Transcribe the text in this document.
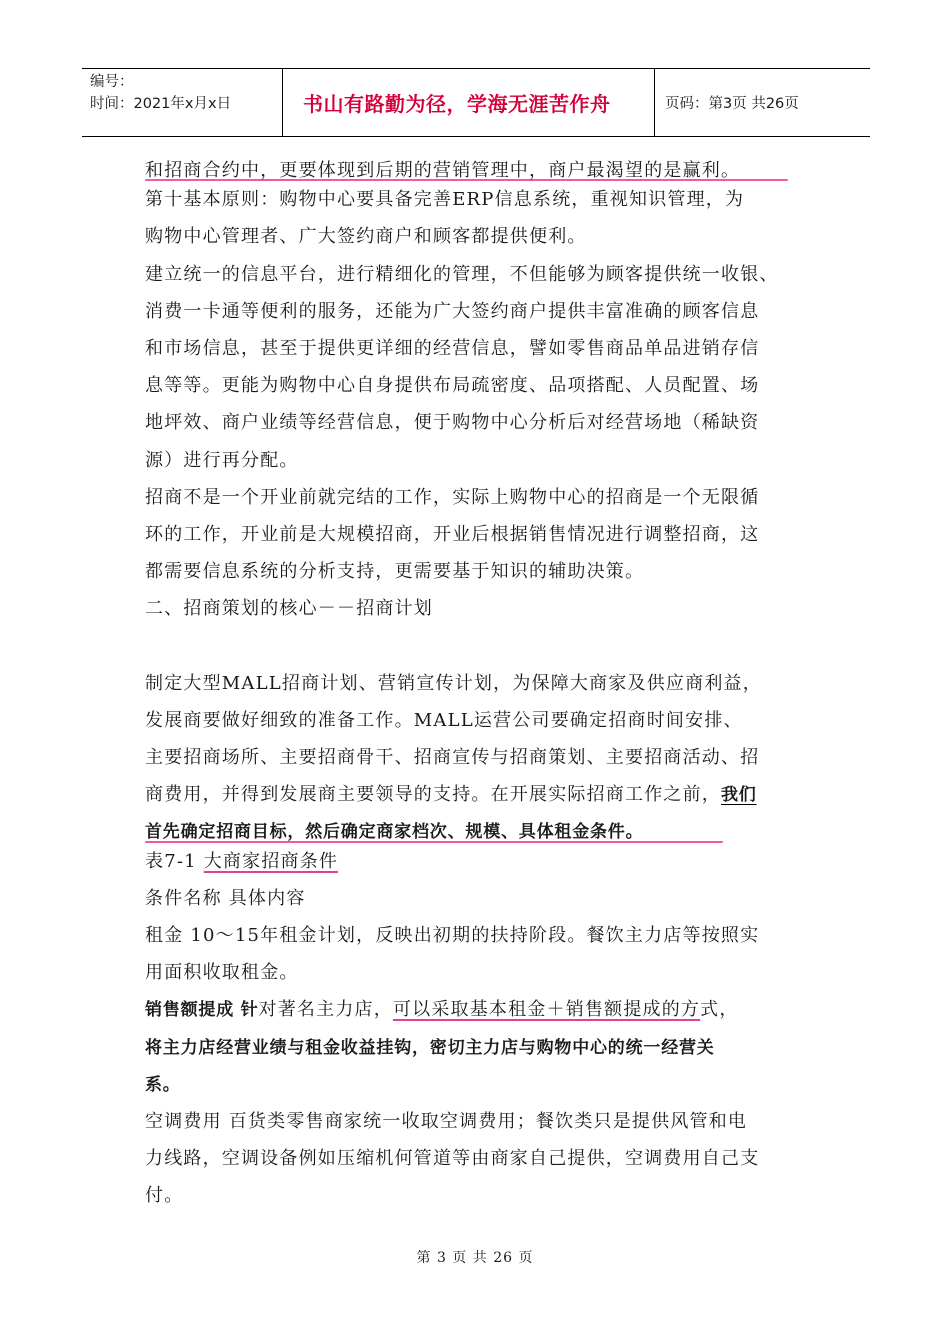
编号：
时间：2021年x月x日	书山有路勤为径，学海无涯苦作舟	页码：第3页 共26页
和招商合约中，更要体现到后期的营销管理中，商户最渴望的是赢利。
第十基本原则：购物中心要具备完善ERP信息系统，重视知识管理，为
购物中心管理者、广大签约商户和顾客都提供便利。
建立统一的信息平台，进行精细化的管理，不但能够为顾客提供统一收银、
消费一卡通等便利的服务，还能为广大签约商户提供丰富准确的顾客信息
和市场信息，甚至于提供更详细的经营信息，譬如零售商品单品进销存信
息等等。更能为购物中心自身提供布局疏密度、品项搭配、人员配置、场
地坪效、商户业绩等经营信息，便于购物中心分析后对经营场地（稀缺资
源）进行再分配。
招商不是一个开业前就完结的工作，实际上购物中心的招商是一个无限循
环的工作，开业前是大规模招商，开业后根据销售情况进行调整招商，这
都需要信息系统的分析支持，更需要基于知识的辅助决策。
二、招商策划的核心－－招商计划
制定大型MALL招商计划、营销宣传计划，为保障大商家及供应商利益，
发展商要做好细致的准备工作。MALL运营公司要确定招商时间安排、
主要招商场所、主要招商骨干、招商宣传与招商策划、主要招商活动、招
商费用，并得到发展商主要领导的支持。在开展实际招商工作之前，我们
首先确定招商目标，然后确定商家档次、规模、具体租金条件。
表7-1 大商家招商条件
条件名称 具体内容
租金 10～15年租金计划，反映出初期的扶持阶段。餐饮主力店等按照实
用面积收取租金。
销售额提成 针对著名主力店，可以采取基本租金＋销售额提成的方式，
将主力店经营业绩与租金收益挂钩，密切主力店与购物中心的统一经营关
系。
空调费用 百货类零售商家统一收取空调费用；餐饮类只是提供风管和电
力线路，空调设备例如压缩机何管道等由商家自己提供，空调费用自己支
付。
第 3 页 共 26 页
